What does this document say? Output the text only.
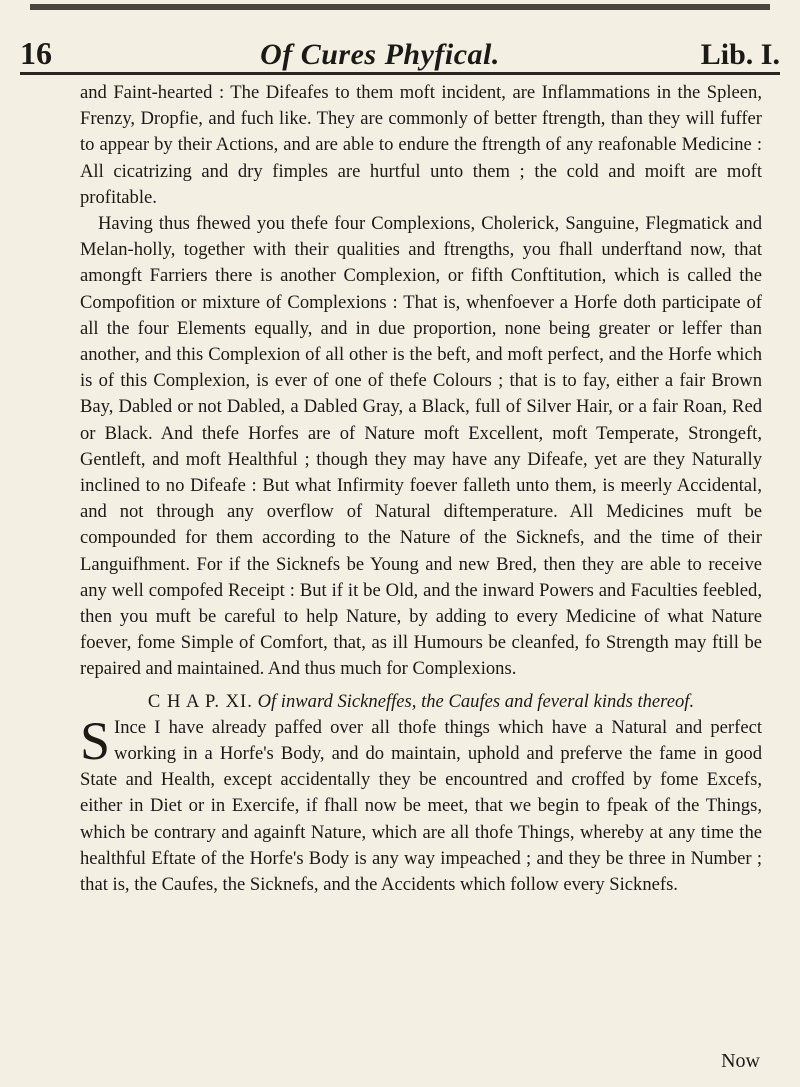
16	Of Cures Phyfical.	Lib. I.

and Faint-hearted : The Difeafes to them moft incident, are Inflammations in the Spleen, Frenzy, Dropfie, and fuch like. They are commonly of better ftrength, than they will fuffer to appear by their Actions, and are able to endure the ftrength of any reafonable Medicine : All cicatrizing and dry fimples are hurtful unto them ; the cold and moift are moft profitable.

Having thus fhewed you thefe four Complexions, Cholerick, Sanguine, Flegmatick and Melan-holly, together with their qualities and ftrengths, you fhall underftand now, that amongft Farriers there is another Complexion, or fifth Conftitution, which is called the Compofition or mixture of Complexions : That is, whenfoever a Horfe doth participate of all the four Elements equally, and in due proportion, none being greater or leffer than another, and this Complexion of all other is the beft, and moft perfect, and the Horfe which is of this Complexion, is ever of one of thefe Colours ; that is to fay, either a fair Brown Bay, Dabled or not Dabled, a Dabled Gray, a Black, full of Silver Hair, or a fair Roan, Red or Black. And thefe Horfes are of Nature moft Excellent, moft Temperate, Strongeft, Gentleft, and moft Healthful ; though they may have any Difeafe, yet are they Naturally inclined to no Difeafe : But what Infirmity foever falleth unto them, is meerly Accidental, and not through any overflow of Natural diftemperature. All Medicines muft be compounded for them according to the Nature of the Sicknefs, and the time of their Languifhment. For if the Sicknefs be Young and new Bred, then they are able to receive any well compofed Receipt : But if it be Old, and the inward Powers and Faculties feebled, then you muft be careful to help Nature, by adding to every Medicine of what Nature foever, fome Simple of Comfort, that, as ill Humours be cleanfed, fo Strength may ftill be repaired and maintained. And thus much for Complexions.

C H A P. XI. Of inward Sickneffes, the Caufes and feveral kinds thereof.

S Ince I have already paffed over all thofe things which have a Natural and perfect working in a Horfe's Body, and do maintain, uphold and preferve the fame in good State and Health, except accidentally they be encountred and croffed by fome Excefs, either in Diet or in Exercife, if fhall now be meet, that we begin to fpeak of the Things, which be contrary and againft Nature, which are all thofe Things, whereby at any time the healthful Eftate of the Horfe's Body is any way impeached ; and they be three in Number ; that is, the Caufes, the Sicknefs, and the Accidents which follow every Sicknefs.

Now
